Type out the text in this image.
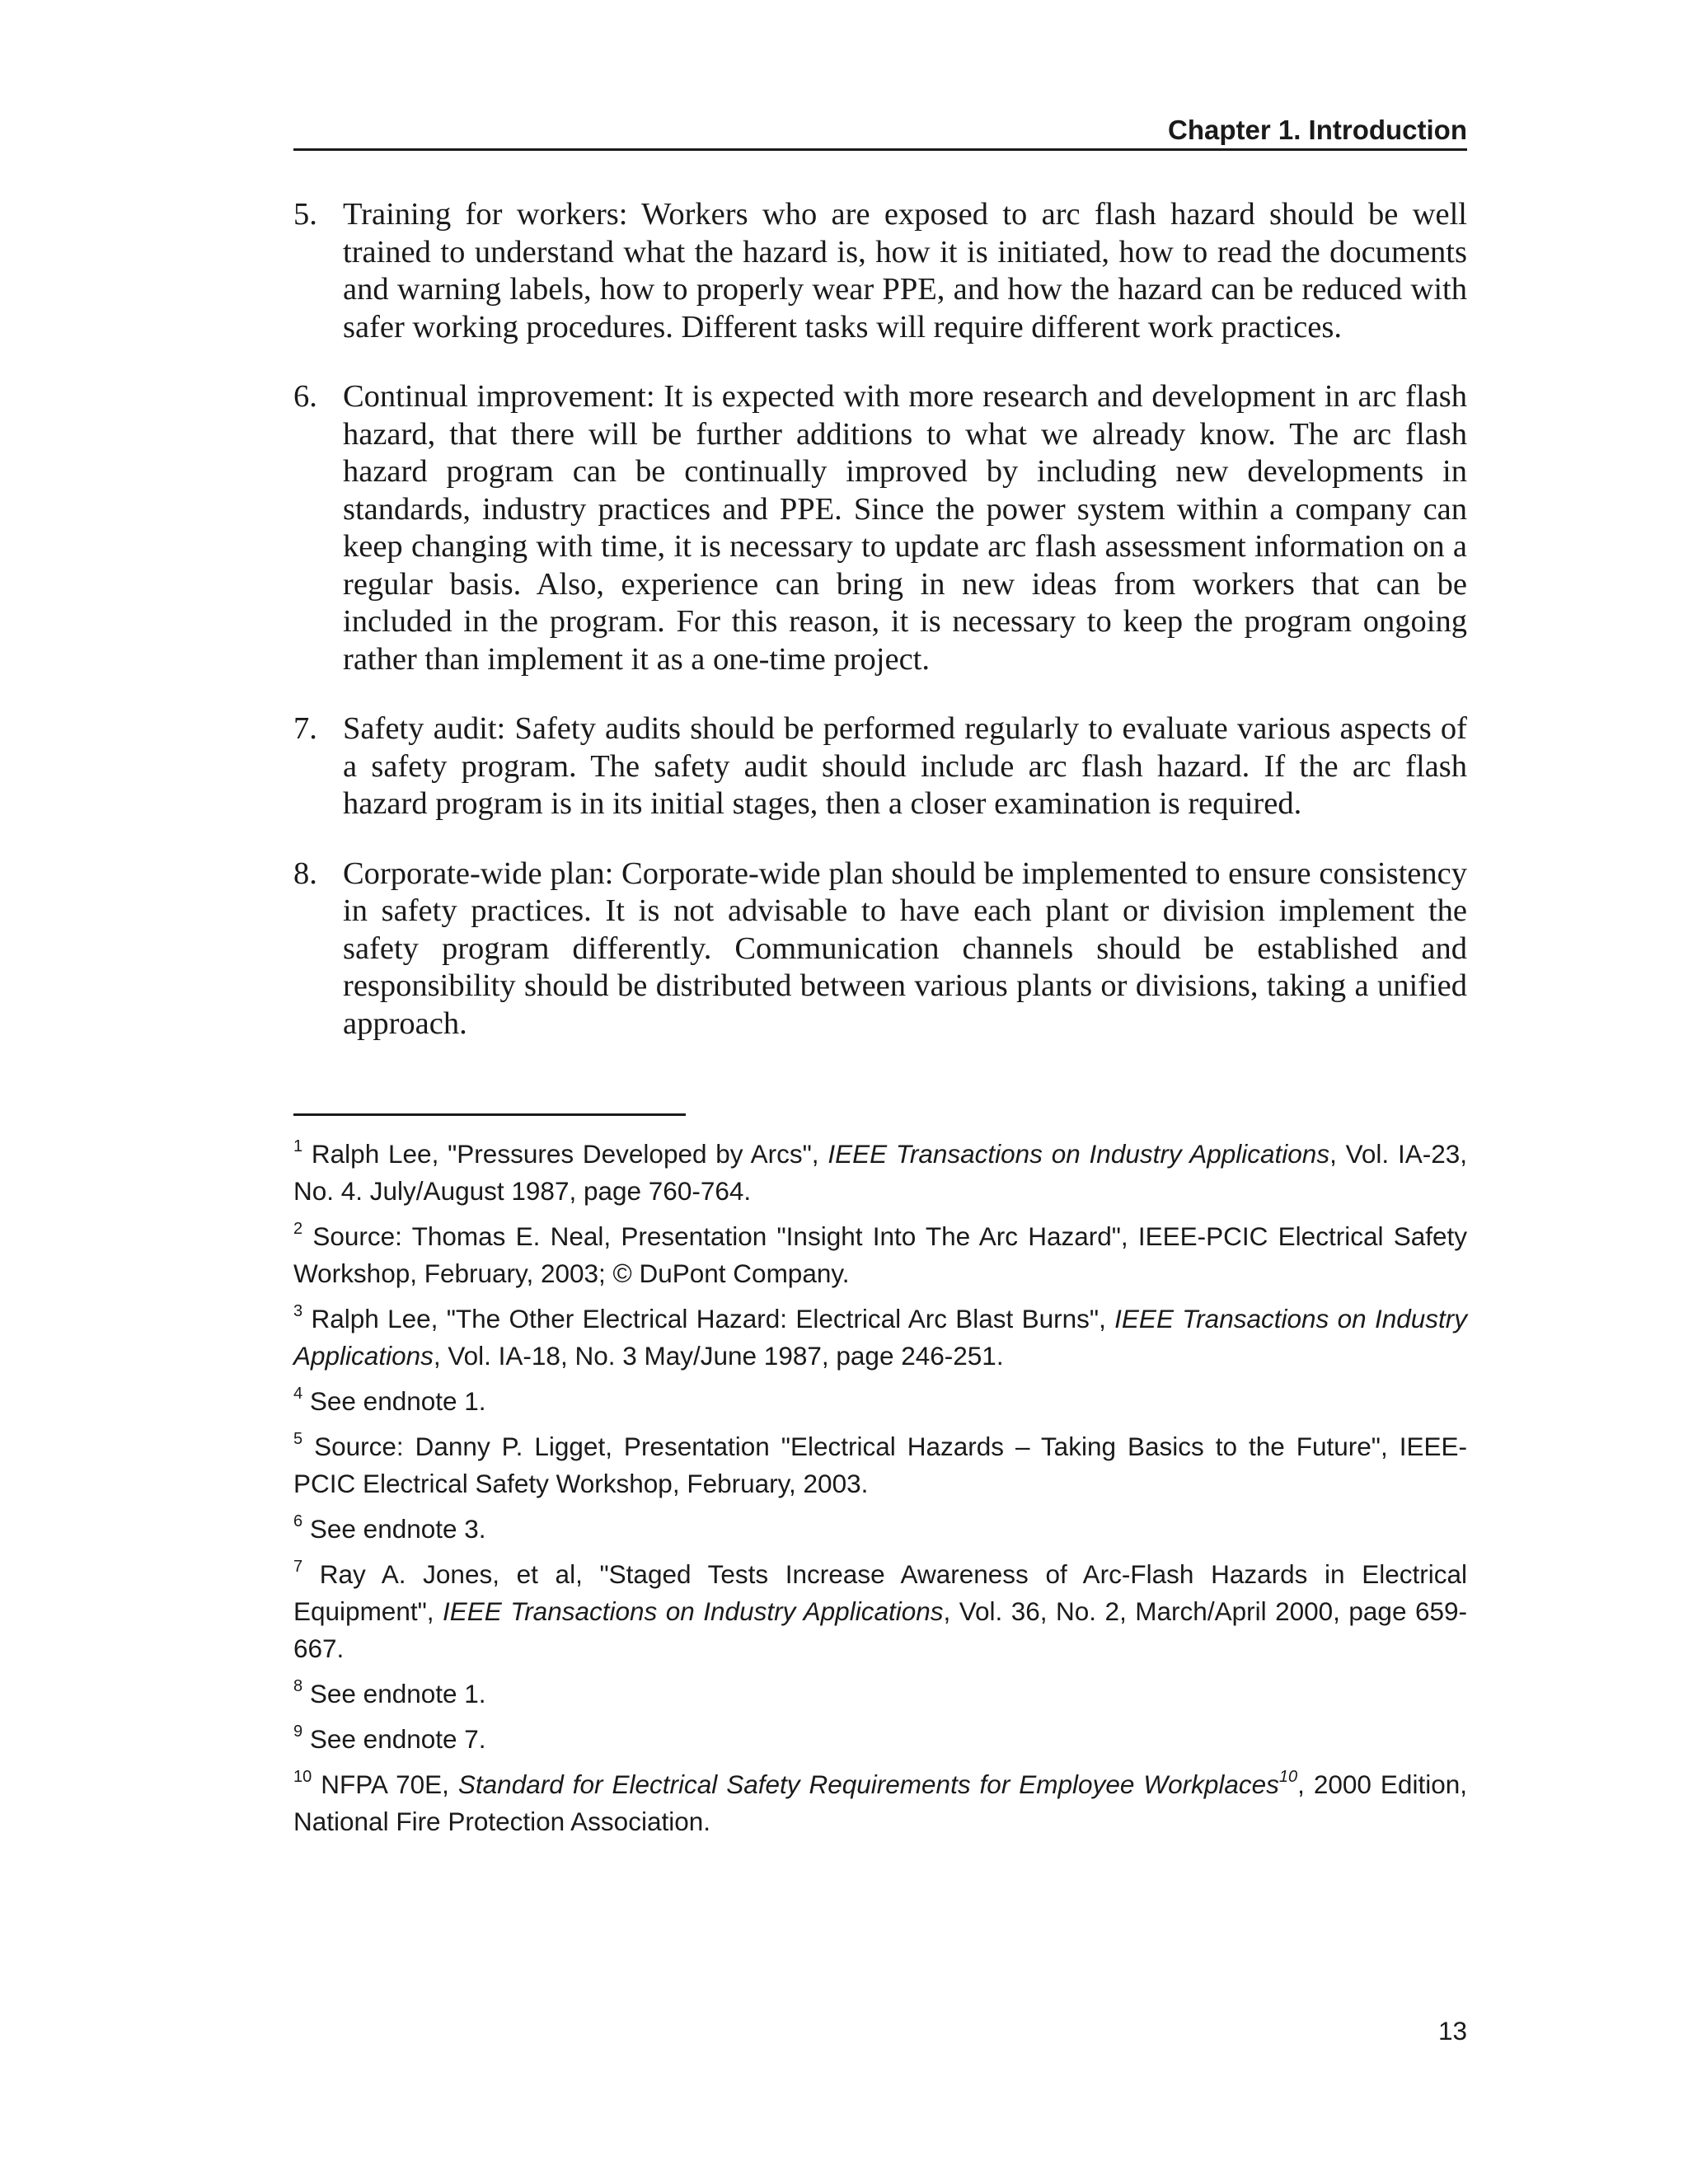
Chapter 1. Introduction
5. Training for workers: Workers who are exposed to arc flash hazard should be well trained to understand what the hazard is, how it is initiated, how to read the documents and warning labels, how to properly wear PPE, and how the hazard can be reduced with safer working procedures. Different tasks will require different work practices.
6. Continual improvement: It is expected with more research and development in arc flash hazard, that there will be further additions to what we already know. The arc flash hazard program can be continually improved by including new developments in standards, industry practices and PPE. Since the power system within a company can keep changing with time, it is necessary to update arc flash assessment information on a regular basis. Also, experience can bring in new ideas from workers that can be included in the program. For this reason, it is necessary to keep the program ongoing rather than implement it as a one-time project.
7. Safety audit: Safety audits should be performed regularly to evaluate various aspects of a safety program. The safety audit should include arc flash hazard. If the arc flash hazard program is in its initial stages, then a closer examination is required.
8. Corporate-wide plan: Corporate-wide plan should be implemented to ensure consistency in safety practices. It is not advisable to have each plant or division implement the safety program differently. Communication channels should be established and responsibility should be distributed between various plants or divisions, taking a unified approach.
$^1$ Ralph Lee, "Pressures Developed by Arcs", IEEE Transactions on Industry Applications, Vol. IA-23, No. 4. July/August 1987, page 760-764.
$^2$ Source: Thomas E. Neal, Presentation "Insight Into The Arc Hazard", IEEE-PCIC Electrical Safety Workshop, February, 2003; © DuPont Company.
$^3$ Ralph Lee, "The Other Electrical Hazard: Electrical Arc Blast Burns", IEEE Transactions on Industry Applications, Vol. IA-18, No. 3 May/June 1987, page 246-251.
$^4$ See endnote 1.
$^5$ Source: Danny P. Ligget, Presentation "Electrical Hazards – Taking Basics to the Future", IEEE-PCIC Electrical Safety Workshop, February, 2003.
$^6$ See endnote 3.
$^7$ Ray A. Jones, et al, "Staged Tests Increase Awareness of Arc-Flash Hazards in Electrical Equipment", IEEE Transactions on Industry Applications, Vol. 36, No. 2, March/April 2000, page 659-667.
$^8$ See endnote 1.
$^9$ See endnote 7.
$^{10}$ NFPA 70E, Standard for Electrical Safety Requirements for Employee Workplaces$^{10}$, 2000 Edition, National Fire Protection Association.
13
